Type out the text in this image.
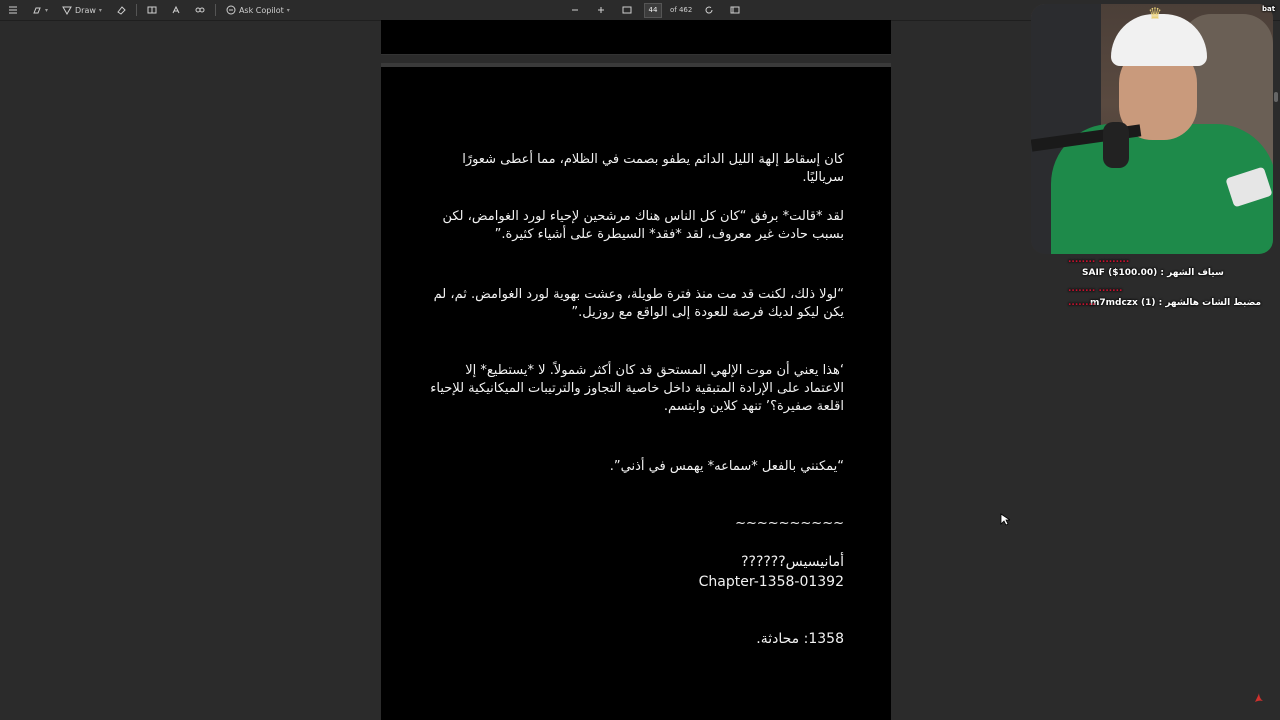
▾	Draw ▾	Ask Copilot ▾	44	of 462
كان إسقاط إلهة الليل الدائم يطفو بصمت في الظلام، مما أعطى شعورًا سرياليًا.
لقد *قالت* برفق “كان كل الناس هناك مرشحين لإحياء لورد الغوامض، لكن بسبب حادث غير معروف، لقد *فقد* السيطرة على أشياء كثيرة.”
“لولا ذلك، لكنت قد مت منذ فترة طويلة، وعشت بهوية لورد الغوامض. ثم، لم يكن ليكو لديك فرصة للعودة إلى الواقع مع روزيل.”
‘هذا يعني أن موت الإلهي المستحق قد كان أكثر شمولاً. لا *يستطيع* إلا الاعتماد على الإرادة المتبقية داخل خاصية التجاوز والترتيبات الميكانيكية للإحياء اقلعة صفيرة؟’ تنهد كلاين وابتسم.
“يمكنني بالفعل *سماعه* يهمس في أذني”.
~~~~~~~~~~
أمانيسيس??????
Chapter-1358-01392
1358: محادثة.
♛	bat
........ .........
SAIF ($100.00) : سياف الشهر
........ .......
m7mdczx (1) : مضبط الشات هالشهر
........
